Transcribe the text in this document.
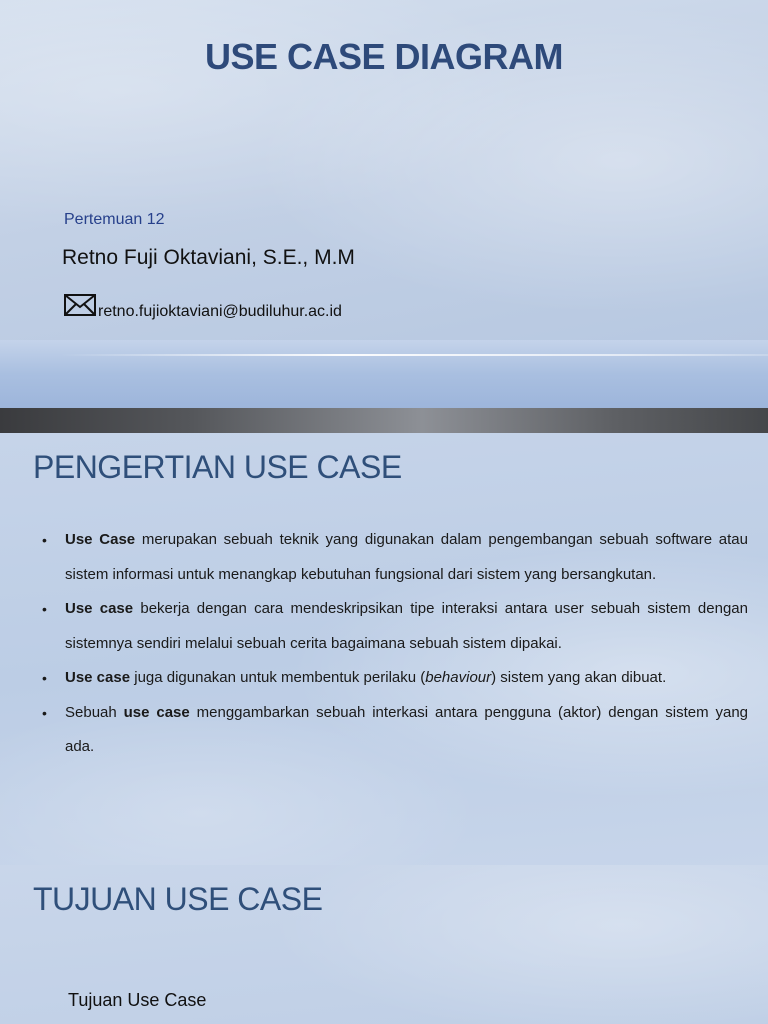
USE CASE DIAGRAM
Pertemuan 12
Retno Fuji Oktaviani, S.E., M.M
retno.fujioktaviani@budiluhur.ac.id
PENGERTIAN USE CASE
• Use Case merupakan sebuah teknik yang digunakan dalam pengembangan sebuah software atau sistem informasi untuk menangkap kebutuhan fungsional dari sistem yang bersangkutan.
• Use case bekerja dengan cara mendeskripsikan tipe interaksi antara user sebuah sistem dengan sistemnya sendiri melalui sebuah cerita bagaimana sebuah sistem dipakai.
• Use case juga digunakan untuk membentuk perilaku (behaviour) sistem yang akan dibuat.
• Sebuah use case menggambarkan sebuah interkasi antara pengguna (aktor) dengan sistem yang ada.
TUJUAN USE CASE
Tujuan Use Case
